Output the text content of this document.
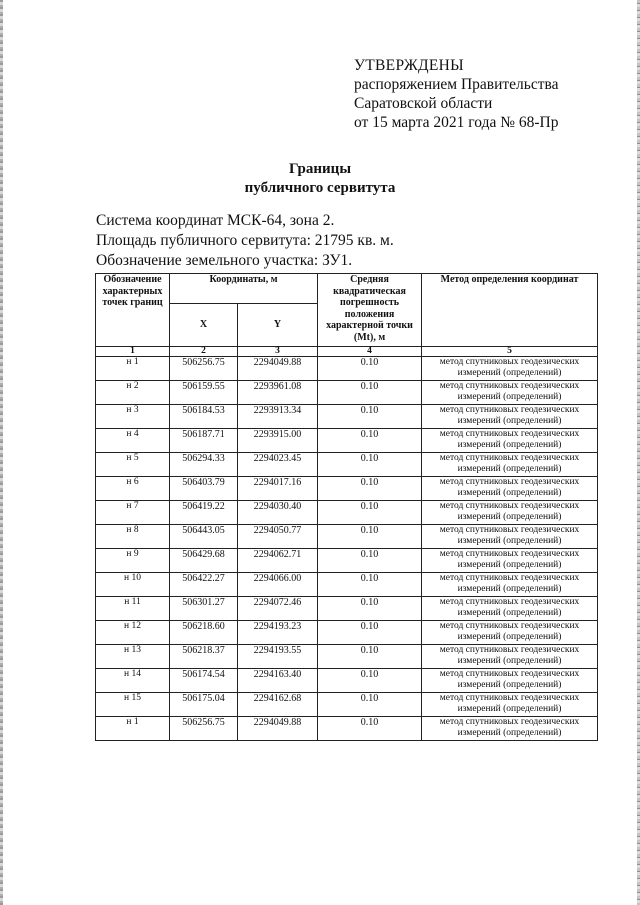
УТВЕРЖДЕНЫ
распоряжением Правительства
Саратовской области
от 15 марта 2021 года № 68-Пр
Границы
публичного сервитута
Система координат МСК-64, зона 2.
Площадь публичного сервитута: 21795 кв. м.
Обозначение земельного участка: ЗУ1.
Обозначение характерных точек границ	Координаты, м		Средняя квадратическая погрешность положения характерной точки (Mt), м	Метод определения координат
	X	Y		
1	2	3	4	5
н 1	506256.75	2294049.88	0.10	метод спутниковых геодезических измерений (определений)
н 2	506159.55	2293961.08	0.10	метод спутниковых геодезических измерений (определений)
н 3	506184.53	2293913.34	0.10	метод спутниковых геодезических измерений (определений)
н 4	506187.71	2293915.00	0.10	метод спутниковых геодезических измерений (определений)
н 5	506294.33	2294023.45	0.10	метод спутниковых геодезических измерений (определений)
н 6	506403.79	2294017.16	0.10	метод спутниковых геодезических измерений (определений)
н 7	506419.22	2294030.40	0.10	метод спутниковых геодезических измерений (определений)
н 8	506443.05	2294050.77	0.10	метод спутниковых геодезических измерений (определений)
н 9	506429.68	2294062.71	0.10	метод спутниковых геодезических измерений (определений)
н 10	506422.27	2294066.00	0.10	метод спутниковых геодезических измерений (определений)
н 11	506301.27	2294072.46	0.10	метод спутниковых геодезических измерений (определений)
н 12	506218.60	2294193.23	0.10	метод спутниковых геодезических измерений (определений)
н 13	506218.37	2294193.55	0.10	метод спутниковых геодезических измерений (определений)
н 14	506174.54	2294163.40	0.10	метод спутниковых геодезических измерений (определений)
н 15	506175.04	2294162.68	0.10	метод спутниковых геодезических измерений (определений)
н 1	506256.75	2294049.88	0.10	метод спутниковых геодезических измерений (определений)
